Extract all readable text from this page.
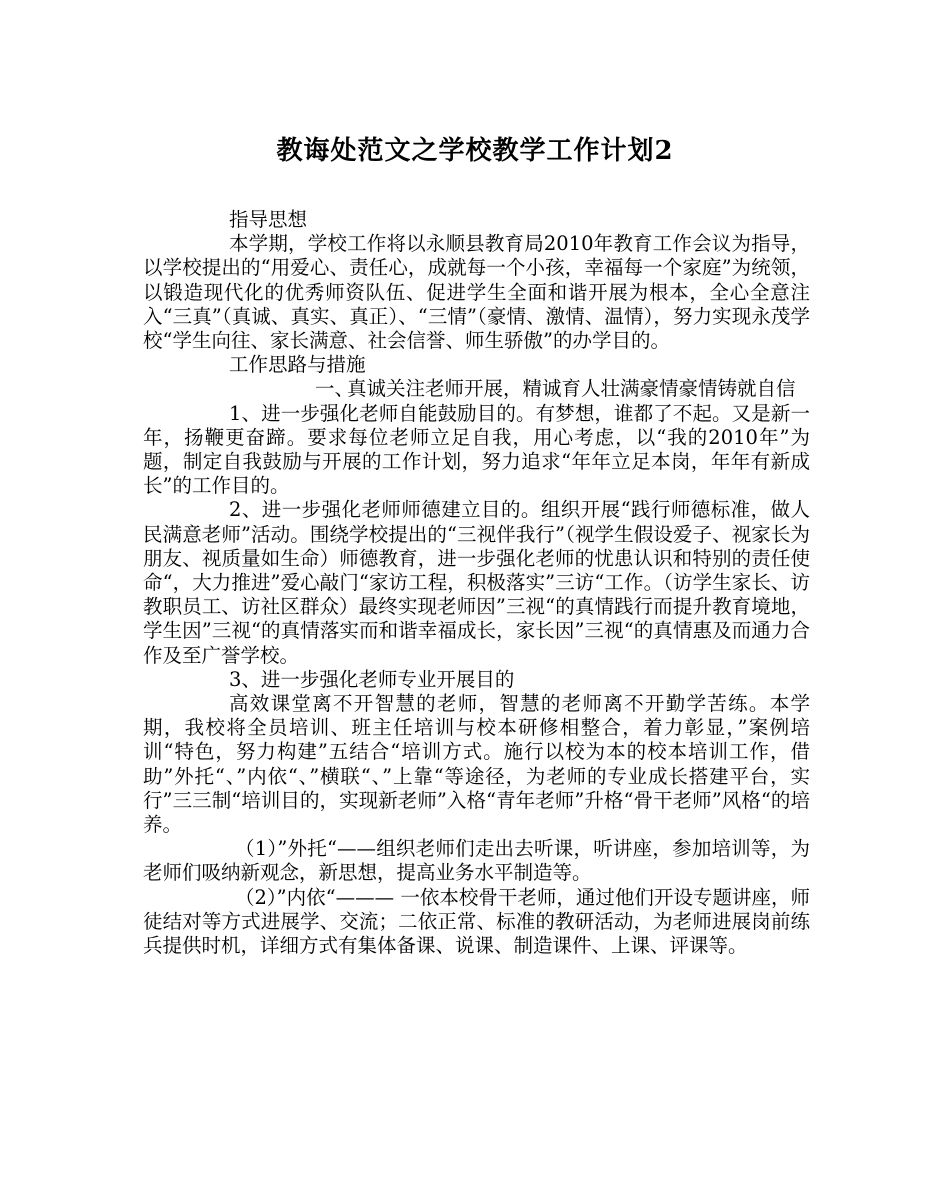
教诲处范文之学校教学工作计划2

指导思想

本学期，学校工作将以永顺县教育局2010年教育工作会议为指导，以学校提出的“用爱心、责任心，成就每一个小孩，幸福每一个家庭”为统领，以锻造现代化的优秀师资队伍、促进学生全面和谐开展为根本，全心全意注入“三真”（真诚、真实、真正）、“三情”（豪情、激情、温情），努力实现永茂学校“学生向往、家长满意、社会信誉、师生骄傲”的办学目的。

工作思路与措施

一、真诚关注老师开展，精诚育人壮满豪情豪情铸就自信

1、进一步强化老师自能鼓励目的。有梦想，谁都了不起。又是新一年，扬鞭更奋蹄。要求每位老师立足自我，用心考虑，以“我的2010年”为题，制定自我鼓励与开展的工作计划，努力追求“年年立足本岗，年年有新成长”的工作目的。

2、进一步强化老师师德建立目的。组织开展“践行师德标准，做人民满意老师”活动。围绕学校提出的“三视伴我行”（视学生假设爱子、视家长为朋友、视质量如生命）师德教育，进一步强化老师的忧患认识和特别的责任使命“，大力推进”爱心敲门“家访工程，积极落实”三访“工作。（访学生家长、访教职员工、访社区群众）最终实现老师因”三视“的真情践行而提升教育境地，学生因”三视“的真情落实而和谐幸福成长，家长因”三视“的真情惠及而通力合作及至广誉学校。

3、进一步强化老师专业开展目的

高效课堂离不开智慧的老师，智慧的老师离不开勤学苦练。本学期，我校将全员培训、班主任培训与校本研修相整合，着力彰显，”案例培训“特色，努力构建”五结合“培训方式。施行以校为本的校本培训工作，借助”外托“、”内依“、”横联“、”上靠“等途径，为老师的专业成长搭建平台，实行”三三制“培训目的，实现新老师”入格“青年老师”升格“骨干老师”风格“的培养。

（1）”外托“——组织老师们走出去听课，听讲座，参加培训等，为老师们吸纳新观念，新思想，提高业务水平制造等。

（2）”内依“——— 一依本校骨干老师，通过他们开设专题讲座，师徒结对等方式进展学、交流；二依正常、标准的教研活动，为老师进展岗前练兵提供时机，详细方式有集体备课、说课、制造课件、上课、评课等。
